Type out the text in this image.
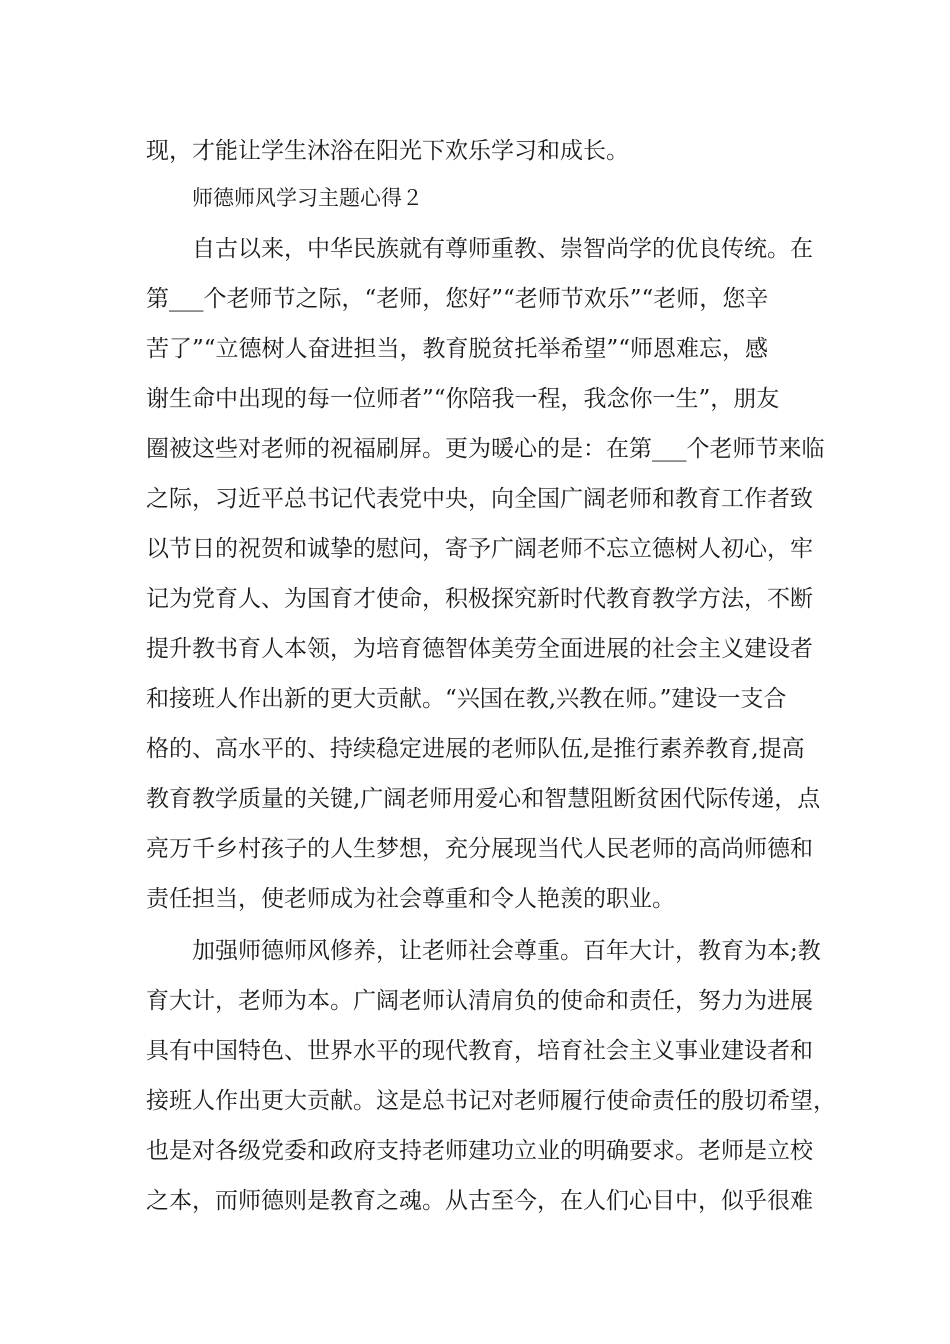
现，才能让学生沐浴在阳光下欢乐学习和成长。

师德师风学习主题心得２

自古以来，中华民族就有尊师重教、崇智尚学的优良传统。在

第___个老师节之际，“老师，您好”“老师节欢乐”“老师，您辛

苦了”“立德树人奋进担当，教育脱贫托举希望”“师恩难忘，感

谢生命中出现的每一位师者”“你陪我一程，我念你一生”，朋友

圈被这些对老师的祝福刷屏。更为暖心的是：在第___个老师节来临

之际，习近平总书记代表党中央，向全国广阔老师和教育工作者致

以节日的祝贺和诚挚的慰问，寄予广阔老师不忘立德树人初心，牢

记为党育人、为国育才使命，积极探究新时代教育教学方法，不断

提升教书育人本领，为培育德智体美劳全面进展的社会主义建设者

和接班人作出新的更大贡献。“兴国在教,兴教在师。”建设一支合

格的、高水平的、持续稳定进展的老师队伍,是推行素养教育,提高

教育教学质量的关键,广阔老师用爱心和智慧阻断贫困代际传递，点

亮万千乡村孩子的人生梦想，充分展现当代人民老师的高尚师德和

责任担当，使老师成为社会尊重和令人艳羡的职业。

加强师德师风修养，让老师社会尊重。百年大计，教育为本;教

育大计，老师为本。广阔老师认清肩负的使命和责任，努力为进展

具有中国特色、世界水平的现代教育，培育社会主义事业建设者和

接班人作出更大贡献。这是总书记对老师履行使命责任的殷切希望，

也是对各级党委和政府支持老师建功立业的明确要求。老师是立校

之本，而师德则是教育之魂。从古至今，在人们心目中，似乎很难
